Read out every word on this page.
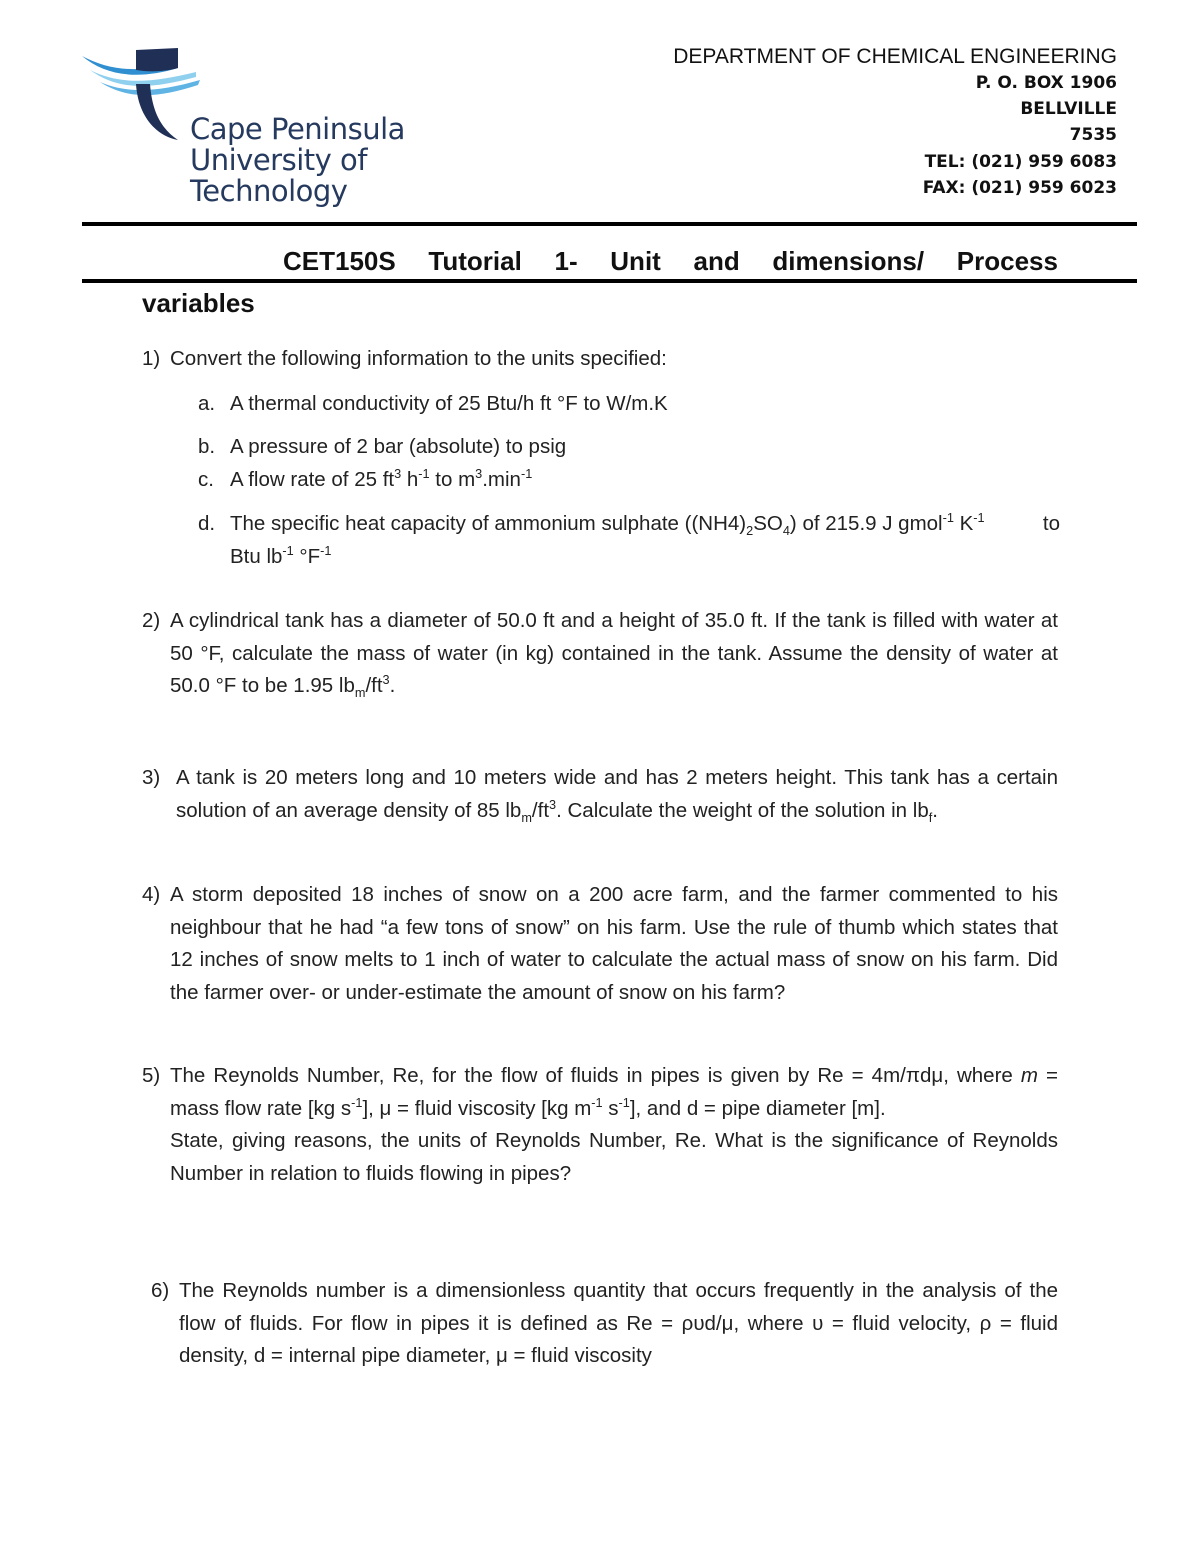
Cape Peninsula
University of Technology
DEPARTMENT OF CHEMICAL ENGINEERING
P. O. BOX 1906
BELLVILLE
7535
TEL: (021) 959 6083
FAX: (021) 959 6023
CET150S Tutorial 1- Unit and dimensions/ Process
variables
1) Convert the following information to the units specified:
a. A thermal conductivity of 25 Btu/h ft °F to W/m.K
b. A pressure of 2 bar (absolute) to psig
c. A flow rate of 25 $ft^3$ $h^{-1}$ to $m^3.\min^{-1}$
d. The specific heat capacity of ammonium sulphate $((NH4)_2SO_4)$ of 215.9 J gmol$^{-1}$ $K^{-1}$	to
Btu $lb^{-1}$ $^\circ F^{-1}$
2) A cylindrical tank has a diameter of 50.0 ft and a height of 35.0 ft. If the tank is filled with water at 50 °F, calculate the mass of water (in kg) contained in the tank. Assume the density of water at 50.0 °F to be 1.95 $lb_m/ft^3$.
3) A tank is 20 meters long and 10 meters wide and has 2 meters height. This tank has a certain solution of an average density of 85 $lb_m/ft^3$. Calculate the weight of the solution in $lb_f$.
4) A storm deposited 18 inches of snow on a 200 acre farm, and the farmer commented to his neighbour that he had “a few tons of snow” on his farm. Use the rule of thumb which states that 12 inches of snow melts to 1 inch of water to calculate the actual mass of snow on his farm. Did the farmer over- or under-estimate the amount of snow on his farm?
5) The Reynolds Number, Re, for the flow of fluids in pipes is given by Re = 4m/πdμ, where m = mass flow rate [kg $s^{-1}$], μ = fluid viscosity [kg $m^{-1}$ $s^{-1}$], and d = pipe diameter [m].
State, giving reasons, the units of Reynolds Number, Re. What is the significance of Reynolds Number in relation to fluids flowing in pipes?
6) The Reynolds number is a dimensionless quantity that occurs frequently in the analysis of the flow of fluids. For flow in pipes it is defined as Re = ρυd/μ, where υ = fluid velocity, ρ = fluid density, d = internal pipe diameter, μ = fluid viscosity
